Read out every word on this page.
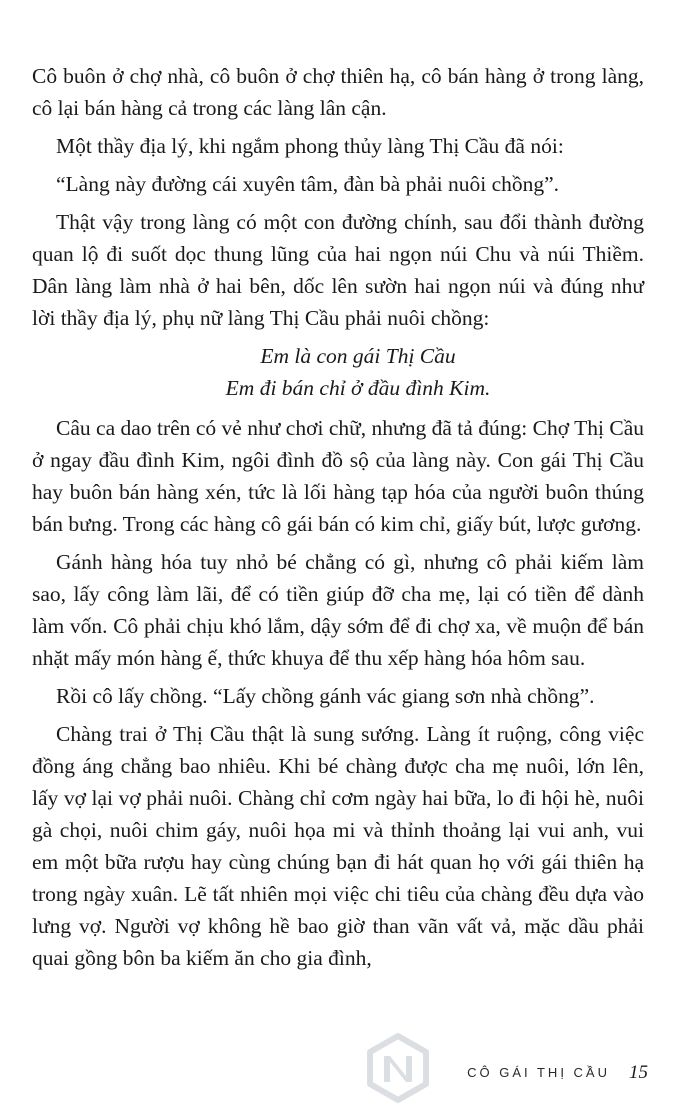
Cô buôn ở chợ nhà, cô buôn ở chợ thiên hạ, cô bán hàng ở trong làng, cô lại bán hàng cả trong các làng lân cận.

Một thầy địa lý, khi ngắm phong thủy làng Thị Cầu đã nói:

“Làng này đường cái xuyên tâm, đàn bà phải nuôi chồng”.

Thật vậy trong làng có một con đường chính, sau đổi thành đường quan lộ đi suốt dọc thung lũng của hai ngọn núi Chu và núi Thiềm. Dân làng làm nhà ở hai bên, dốc lên sườn hai ngọn núi và đúng như lời thầy địa lý, phụ nữ làng Thị Cầu phải nuôi chồng:

Em là con gái Thị Cầu
Em đi bán chỉ ở đầu đình Kim.

Câu ca dao trên có vẻ như chơi chữ, nhưng đã tả đúng: Chợ Thị Cầu ở ngay đầu đình Kim, ngôi đình đồ sộ của làng này. Con gái Thị Cầu hay buôn bán hàng xén, tức là lối hàng tạp hóa của người buôn thúng bán bưng. Trong các hàng cô gái bán có kim chỉ, giấy bút, lược gương.

Gánh hàng hóa tuy nhỏ bé chẳng có gì, nhưng cô phải kiếm làm sao, lấy công làm lãi, để có tiền giúp đỡ cha mẹ, lại có tiền để dành làm vốn. Cô phải chịu khó lắm, dậy sớm để đi chợ xa, về muộn để bán nhặt mấy món hàng ế, thức khuya để thu xếp hàng hóa hôm sau.

Rồi cô lấy chồng. “Lấy chồng gánh vác giang sơn nhà chồng”.

Chàng trai ở Thị Cầu thật là sung sướng. Làng ít ruộng, công việc đồng áng chẳng bao nhiêu. Khi bé chàng được cha mẹ nuôi, lớn lên, lấy vợ lại vợ phải nuôi. Chàng chỉ cơm ngày hai bữa, lo đi hội hè, nuôi gà chọi, nuôi chim gáy, nuôi họa mi và thỉnh thoảng lại vui anh, vui em một bữa rượu hay cùng chúng bạn đi hát quan họ với gái thiên hạ trong ngày xuân. Lẽ tất nhiên mọi việc chi tiêu của chàng đều dựa vào lưng vợ. Người vợ không hề bao giờ than vãn vất vả, mặc dầu phải quai gồng bôn ba kiếm ăn cho gia đình,

CÔ GÁI THỊ CẦU 15
